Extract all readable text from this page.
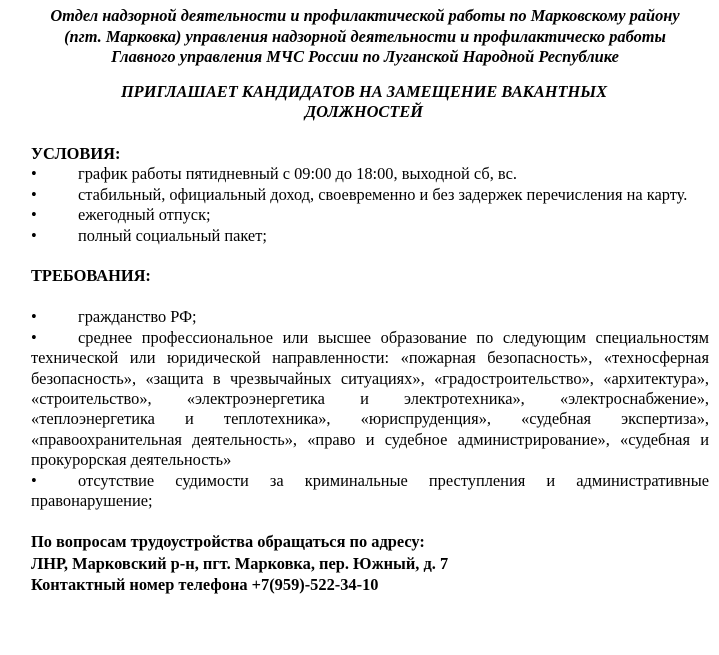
Отдел надзорной деятельности и профилактической работы по Марковскому району (пгт. Марковка) управления надзорной деятельности и профилактическо работы Главного управления МЧС России по Луганской Народной Республике
ПРИГЛАШАЕТ КАНДИДАТОВ НА ЗАМЕЩЕНИЕ ВАКАНТНЫХ
ДОЛЖНОСТЕЙ
УСЛОВИЯ:
•	график работы пятидневный с 09:00 до 18:00, выходной сб, вс.
•	стабильный, официальный доход, своевременно и без задержек перечисления на карту.
•	ежегодный отпуск;
•	полный социальный пакет;
ТРЕБОВАНИЯ:
•	гражданство РФ;
•	среднее профессиональное или высшее образование по следующим специальностям технической или юридической направленности: «пожарная безопасность», «техносферная безопасность», «защита в чрезвычайных ситуациях», «градостроительство», «архитектура», «строительство», «электроэнергетика и электротехника», «электроснабжение», «теплоэнергетика и теплотехника», «юриспруденция», «судебная экспертиза», «правоохранительная деятельность», «право и судебное администрирование», «судебная и прокурорская деятельность»
•	отсутствие судимости за криминальные преступления и административные правонарушение;
По вопросам трудоустройства обращаться по адресу:
ЛНР, Марковский р-н, пгт. Марковка, пер. Южный, д. 7
Контактный номер телефона +7(959)-522-34-10
